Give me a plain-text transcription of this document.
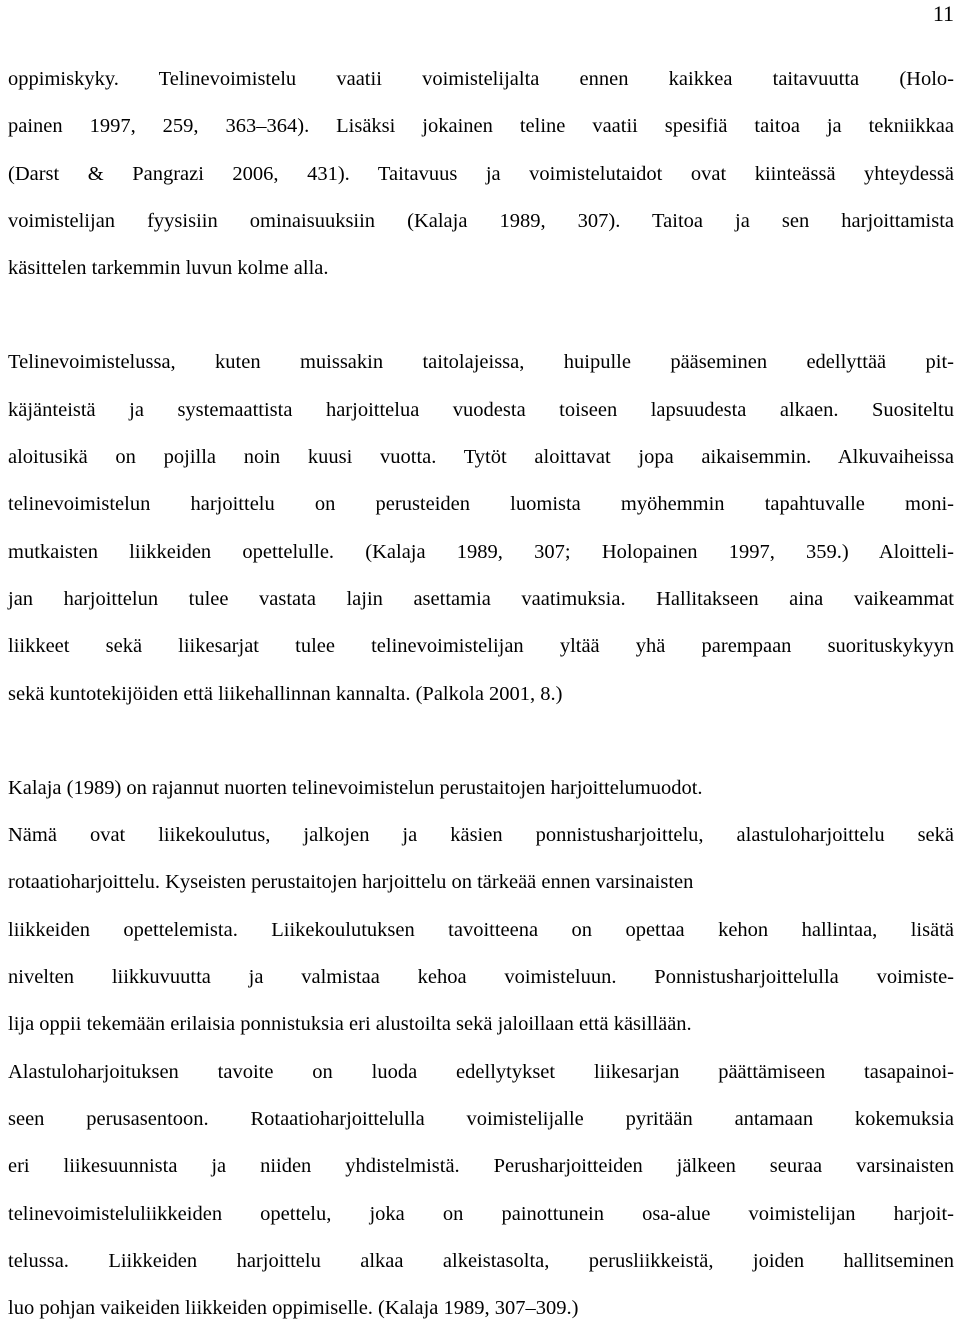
11
oppimiskyky. Telinevoimistelu vaatii voimistelijalta ennen kaikkea taitavuutta (Holo-
painen 1997, 259, 363–364). Lisäksi jokainen teline vaatii spesifiä taitoa ja tekniikkaa
(Darst & Pangrazi 2006, 431). Taitavuus ja voimistelutaidot ovat kiinteässä yhteydessä
voimistelijan fyysisiin ominaisuuksiin (Kalaja 1989, 307). Taitoa ja sen harjoittamista
käsittelen tarkemmin luvun kolme alla.
Telinevoimistelussa, kuten muissakin taitolajeissa, huipulle pääseminen edellyttää pit-
käjänteistä ja systemaattista harjoittelua vuodesta toiseen lapsuudesta alkaen. Suositeltu
aloitusikä on pojilla noin kuusi vuotta. Tytöt aloittavat jopa aikaisemmin. Alkuvaiheissa
telinevoimistelun harjoittelu on perusteiden luomista myöhemmin tapahtuvalle moni-
mutkaisten liikkeiden opettelulle. (Kalaja 1989, 307; Holopainen 1997, 359.) Aloitteli-
jan harjoittelun tulee vastata lajin asettamia vaatimuksia. Hallitakseen aina vaikeammat
liikkeet sekä liikesarjat tulee telinevoimistelijan yltää yhä parempaan suorituskykyyn
sekä kuntotekijöiden että liikehallinnan kannalta. (Palkola 2001, 8.)
Kalaja (1989) on rajannut nuorten telinevoimistelun perustaitojen harjoittelumuodot.
Nämä ovat liikekoulutus, jalkojen ja käsien ponnistusharjoittelu, alastuloharjoittelu sekä
rotaatioharjoittelu. Kyseisten perustaitojen harjoittelu on tärkeää ennen varsinaisten
liikkeiden opettelemista. Liikekoulutuksen tavoitteena on opettaa kehon hallintaa, lisätä
nivelten liikkuvuutta ja valmistaa kehoa voimisteluun. Ponnistusharjoittelulla voimiste-
lija oppii tekemään erilaisia ponnistuksia eri alustoilta sekä jaloillaan että käsillään.
Alastuloharjoituksen tavoite on luoda edellytykset liikesarjan päättämiseen tasapainoi-
seen perusasentoon. Rotaatioharjoittelulla voimistelijalle pyritään antamaan kokemuksia
eri liikesuunnista ja niiden yhdistelmistä. Perusharjoitteiden jälkeen seuraa varsinaisten
telinevoimisteluliikkeiden opettelu, joka on painottunein osa-alue voimistelijan harjoit-
telussa. Liikkeiden harjoittelu alkaa alkeistasolta, perusliikkeistä, joiden hallitseminen
luo pohjan vaikeiden liikkeiden oppimiselle. (Kalaja 1989, 307–309.)
